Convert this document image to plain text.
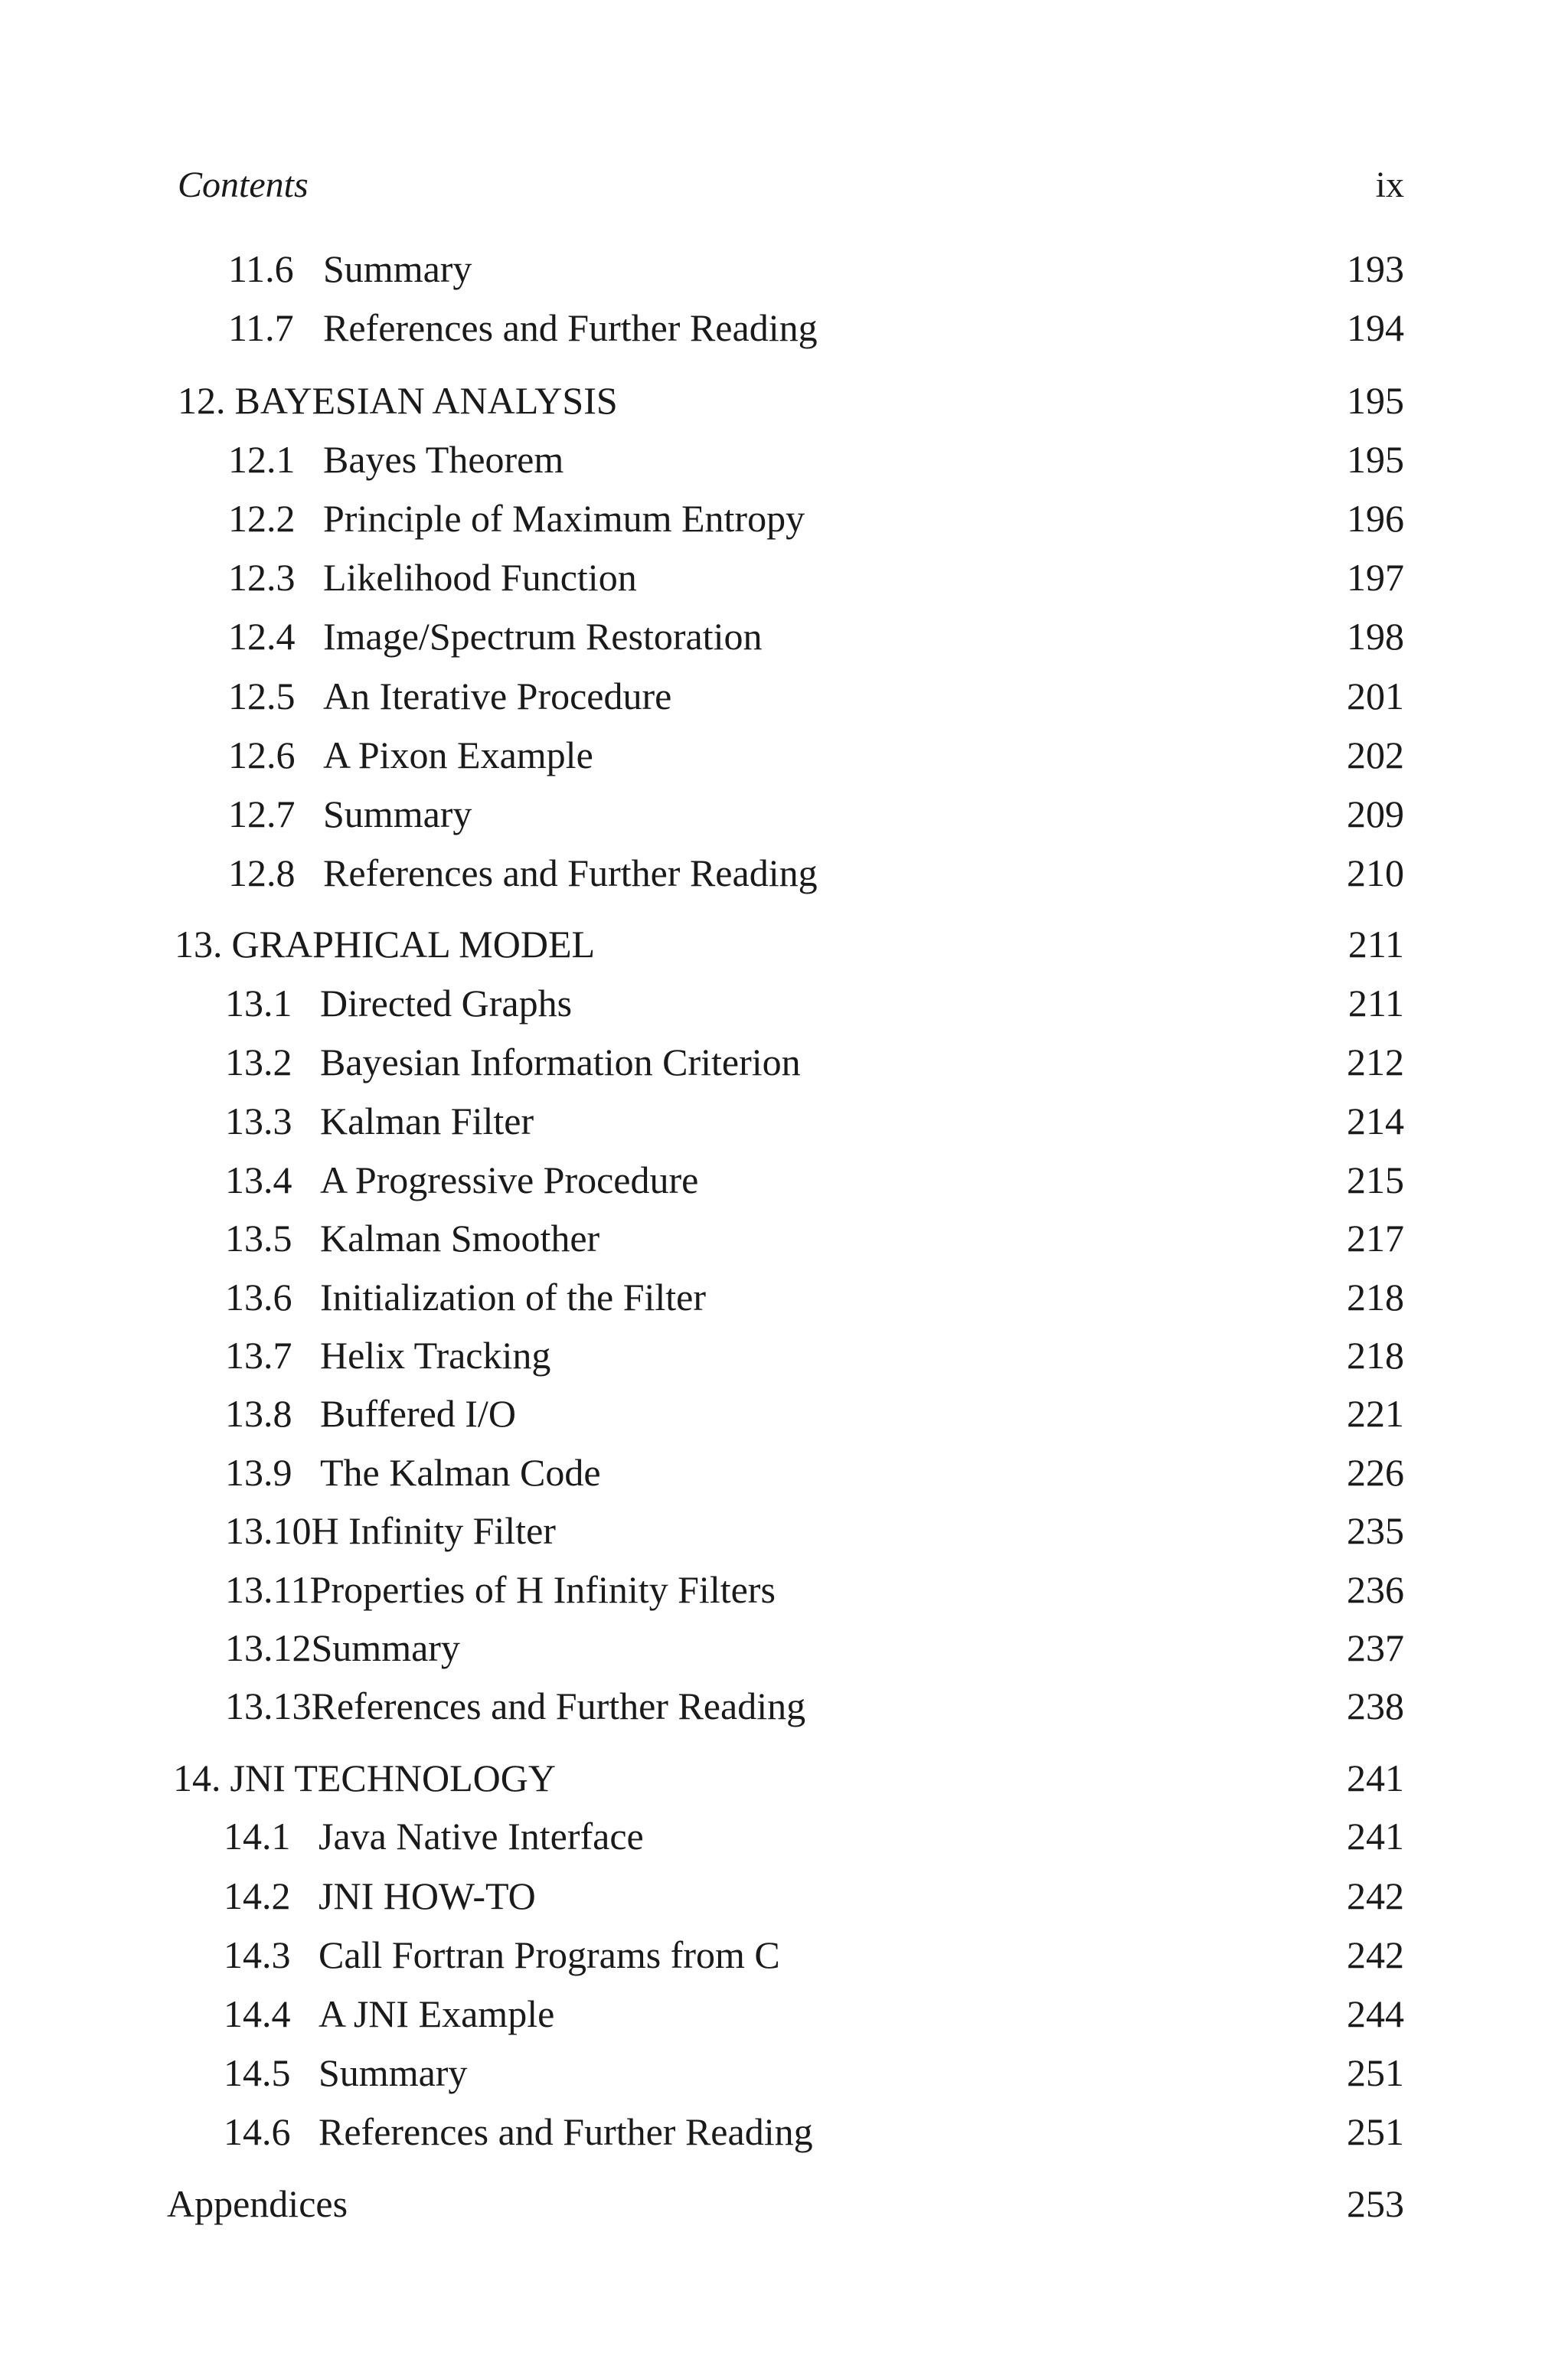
Contents	ix
11.6 Summary	193
11.7 References and Further Reading	194
12. BAYESIAN ANALYSIS	195
12.1 Bayes Theorem	195
12.2 Principle of Maximum Entropy	196
12.3 Likelihood Function	197
12.4 Image/Spectrum Restoration	198
12.5 An Iterative Procedure	201
12.6 A Pixon Example	202
12.7 Summary	209
12.8 References and Further Reading	210
13. GRAPHICAL MODEL	211
13.1 Directed Graphs	211
13.2 Bayesian Information Criterion	212
13.3 Kalman Filter	214
13.4 A Progressive Procedure	215
13.5 Kalman Smoother	217
13.6 Initialization of the Filter	218
13.7 Helix Tracking	218
13.8 Buffered I/O	221
13.9 The Kalman Code	226
13.10H Infinity Filter	235
13.11Properties of H Infinity Filters	236
13.12Summary	237
13.13References and Further Reading	238
14. JNI TECHNOLOGY	241
14.1 Java Native Interface	241
14.2 JNI HOW-TO	242
14.3 Call Fortran Programs from C	242
14.4 A JNI Example	244
14.5 Summary	251
14.6 References and Further Reading	251
Appendices	253
